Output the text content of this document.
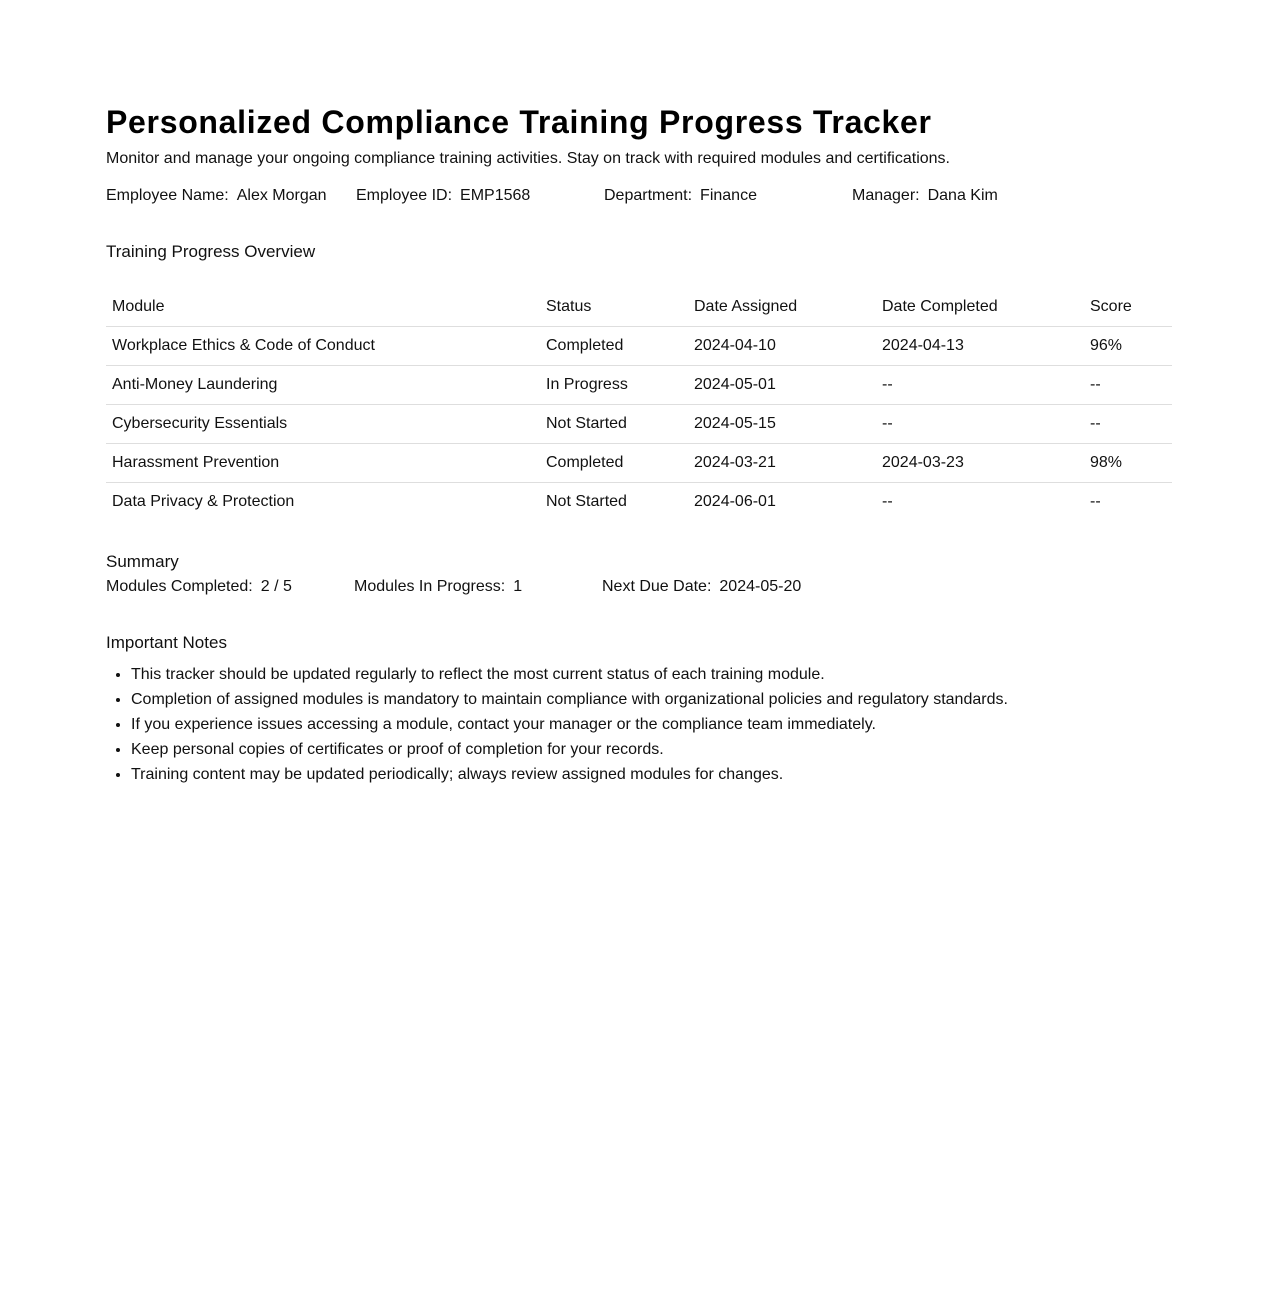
Personalized Compliance Training Progress Tracker
Monitor and manage your ongoing compliance training activities. Stay on track with required modules and certifications.
Employee Name: Alex Morgan Employee ID: EMP1568	Department: Finance	Manager: Dana Kim
Training Progress Overview
Module	Status	Date Assigned	Date Completed	Score
Workplace Ethics & Code of Conduct	Completed	2024-04-10	2024-04-13	96%
Anti-Money Laundering	In Progress	2024-05-01	--	--
Cybersecurity Essentials	Not Started	2024-05-15	--	--
Harassment Prevention	Completed	2024-03-21	2024-03-23	98%
Data Privacy & Protection	Not Started	2024-06-01	--	--
Summary
Modules Completed: 2 / 5	Modules In Progress: 1	Next Due Date: 2024-05-20
Important Notes
• This tracker should be updated regularly to reflect the most current status of each training module.
• Completion of assigned modules is mandatory to maintain compliance with organizational policies and regulatory standards.
• If you experience issues accessing a module, contact your manager or the compliance team immediately.
• Keep personal copies of certificates or proof of completion for your records.
• Training content may be updated periodically; always review assigned modules for changes.
